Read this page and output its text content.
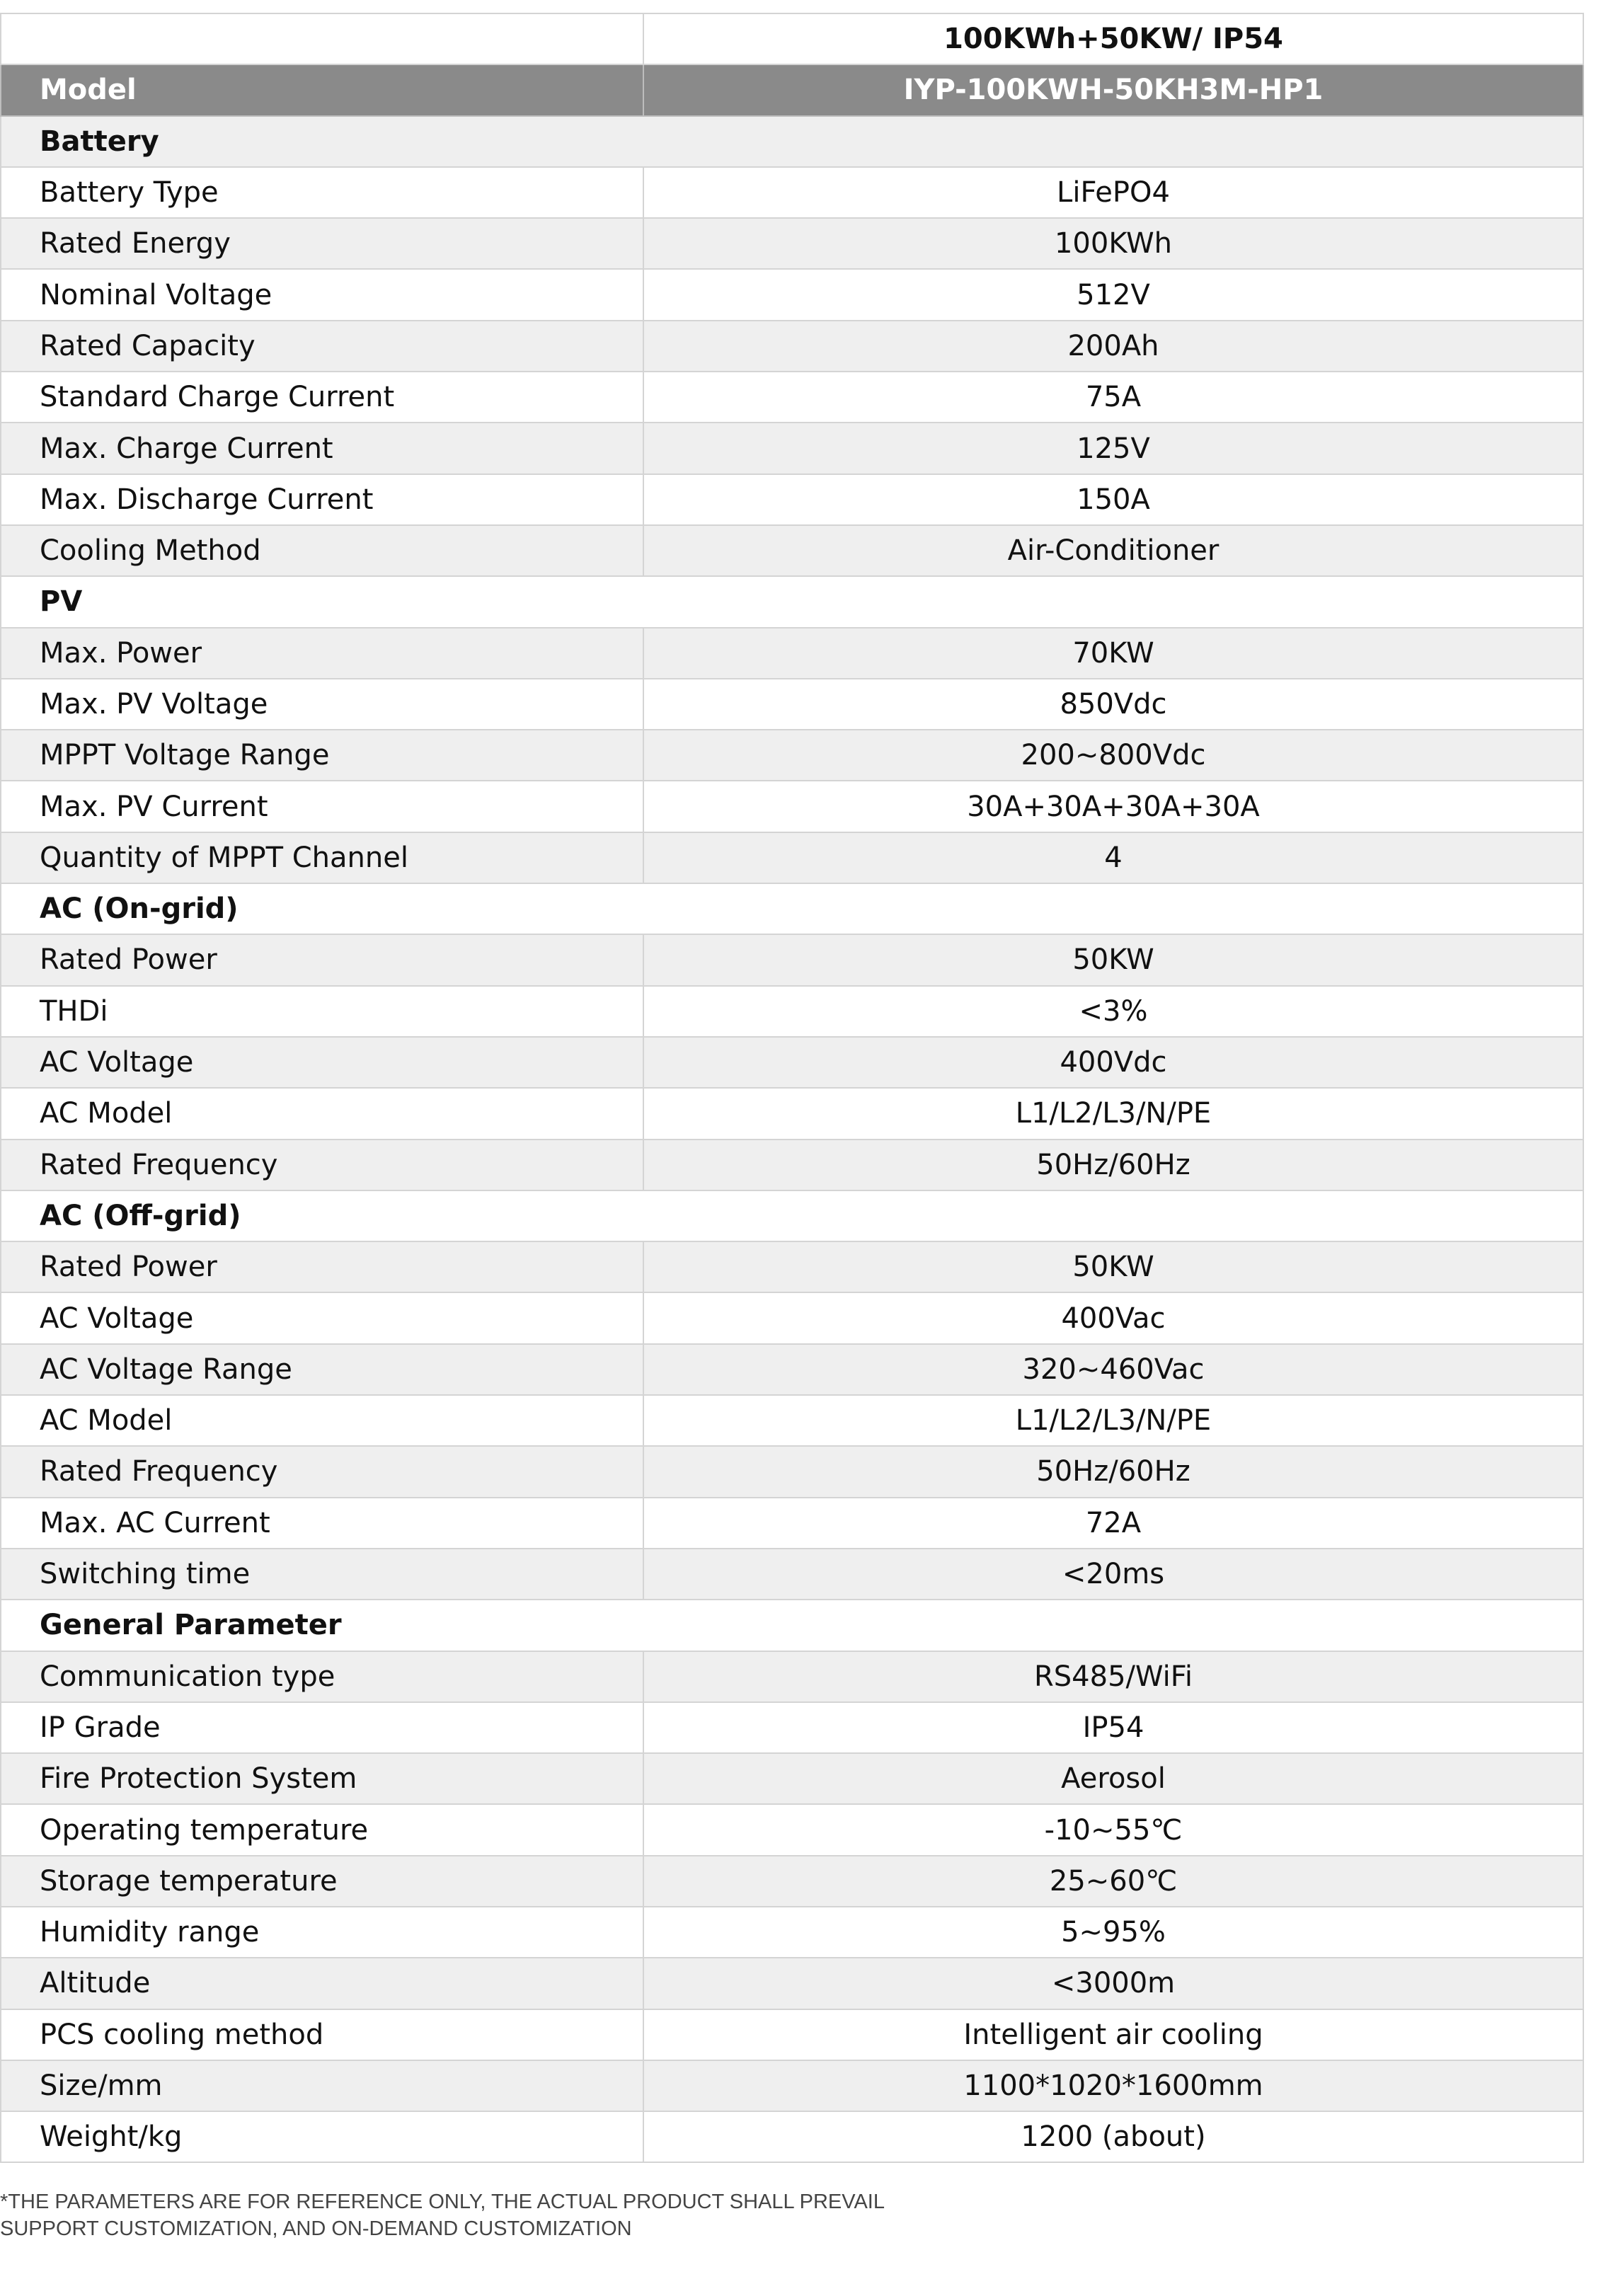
	100KWh+50KW/ IP54
Model	IYP-100KWH-50KH3M-HP1
Battery	
Battery Type	LiFePO4
Rated Energy	100KWh
Nominal Voltage	512V
Rated Capacity	200Ah
Standard Charge Current	75A
Max. Charge Current	125V
Max. Discharge Current	150A
Cooling Method	Air-Conditioner
PV	
Max. Power	70KW
Max. PV Voltage	850Vdc
MPPT Voltage Range	200~800Vdc
Max. PV Current	30A+30A+30A+30A
Quantity of MPPT Channel	4
AC (On-grid)	
Rated Power	50KW
THDi	<3%
AC Voltage	400Vdc
AC Model	L1/L2/L3/N/PE
Rated Frequency	50Hz/60Hz
AC (Off-grid)	
Rated Power	50KW
AC Voltage	400Vac
AC Voltage Range	320~460Vac
AC Model	L1/L2/L3/N/PE
Rated Frequency	50Hz/60Hz
Max. AC Current	72A
Switching time	<20ms
General Parameter	
Communication type	RS485/WiFi
IP Grade	IP54
Fire Protection System	Aerosol
Operating temperature	-10~55℃
Storage temperature	25~60℃
Humidity range	5~95%
Altitude	<3000m
PCS cooling method	Intelligent air cooling
Size/mm	1100*1020*1600mm
Weight/kg	1200 (about)
*THE PARAMETERS ARE FOR REFERENCE ONLY, THE ACTUAL PRODUCT SHALL PREVAIL
SUPPORT CUSTOMIZATION, AND ON-DEMAND CUSTOMIZATION
